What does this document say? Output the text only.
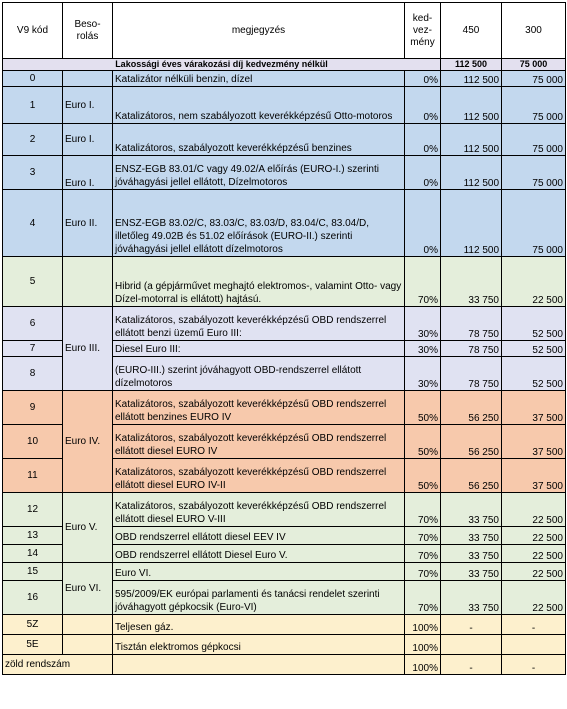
V9 kód	Beso-
rolás	megjegyzés	ked-
vez-
mény	450	300
Lakossági éves várakozási díj kedvezmény nélkül				112 500	75 000
0		Katalizátor nélküli benzin, dízel	0%	112 500	75 000
1	Euro I.	Katalizátoros, nem szabályozott keverékképzésű Otto-motoros	0%	112 500	75 000
2	Euro I.	Katalizátoros, szabályozott keverékképzésű benzines	0%	112 500	75 000
3	Euro I.	ENSZ-EGB 83.01/C vagy 49.02/A előírás (EURO-I.) szerinti jóváhagyási jellel ellátott, Dízelmotoros	0%	112 500	75 000
4	Euro II.	ENSZ-EGB 83.02/C, 83.03/C, 83.03/D, 83.04/C, 83.04/D, illetőleg 49.02B és 51.02 előírások (EURO-II.) szerinti jóváhagyási jellel ellátott dízelmotoros	0%	112 500	75 000
5		Hibrid (a gépjárművet meghajtó elektromos-, valamint Otto- vagy Dízel-motorral is ellátott) hajtású.	70%	33 750	22 500
6	Euro III.	Katalizátoros, szabályozott keverékképzésű OBD rendszerrel ellátott benzi üzemű Euro III:	30%	78 750	52 500
7		Diesel Euro III:	30%	78 750	52 500
8		(EURO-III.) szerint jóváhagyott OBD-rendszerrel ellátott dízelmotoros	30%	78 750	52 500
9	Euro IV.	Katalizátoros, szabályozott keverékképzésű OBD rendszerrel ellátott benzines EURO IV	50%	56 250	37 500
10		Katalizátoros, szabályozott keverékképzésű OBD rendszerrel ellátott diesel EURO IV	50%	56 250	37 500
11		Katalizátoros, szabályozott keverékképzésű OBD rendszerrel ellátott diesel EURO IV-II	50%	56 250	37 500
12	Euro V.	Katalizátoros, szabályozott keverékképzésű OBD rendszerrel ellátott diesel EURO V-III	70%	33 750	22 500
13		OBD rendszerrel ellátott diesel EEV IV	70%	33 750	22 500
14		OBD rendszerrel ellátott Diesel Euro V.	70%	33 750	22 500
15	Euro VI.	Euro VI.	70%	33 750	22 500
16		595/2009/EK európai parlamenti és tanácsi rendelet szerinti jóváhagyott gépkocsik (Euro-VI)	70%	33 750	22 500
5Z		Teljesen gáz.	100%	-	-
5E		Tisztán elektromos gépkocsi	100%		
zöld rendszám			100%	-	-
